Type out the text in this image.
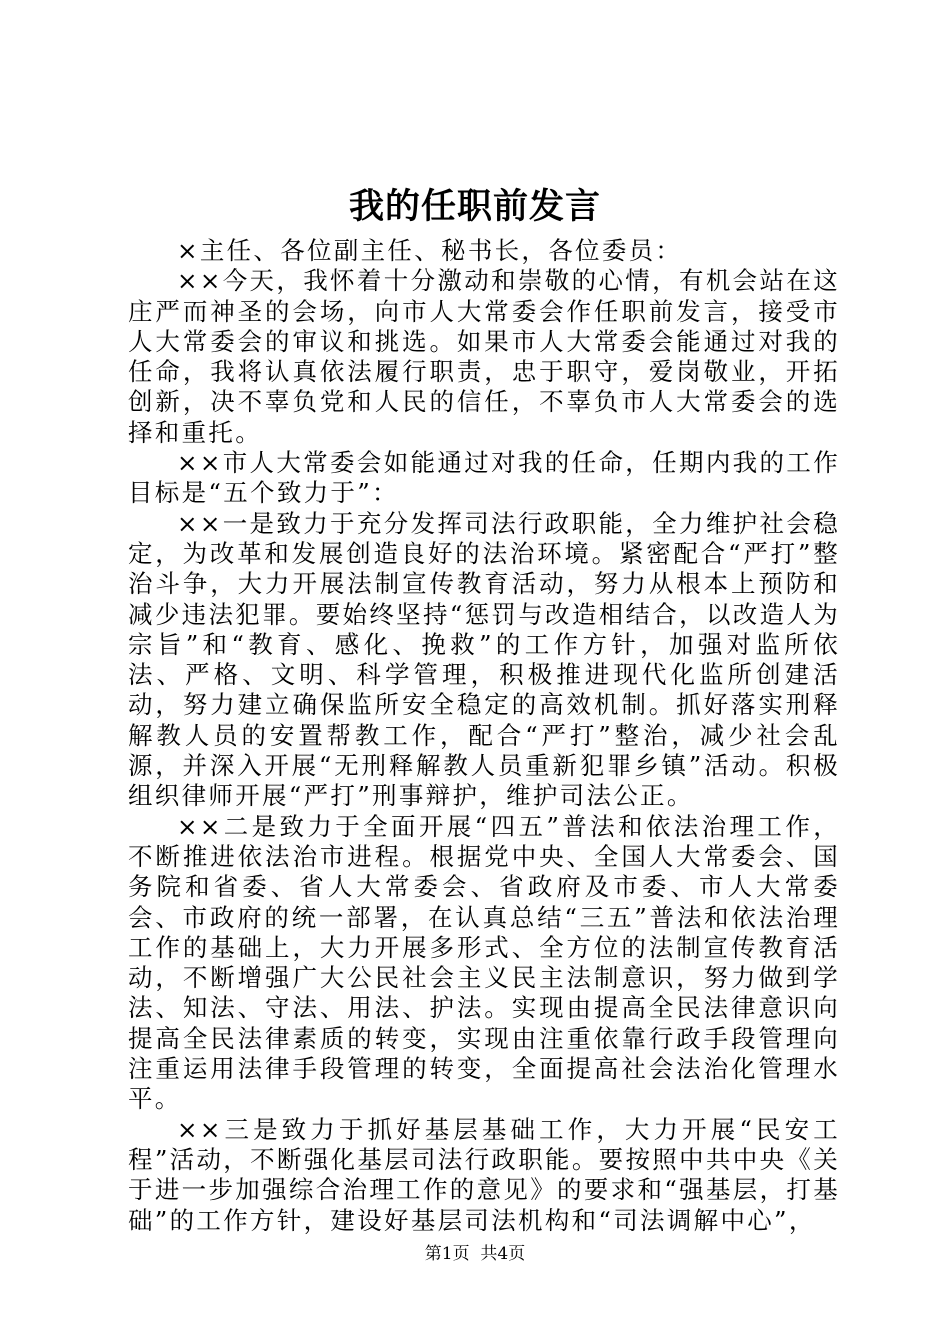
我的任职前发言

×主任、各位副主任、秘书长，各位委员：

××今天，我怀着十分激动和崇敬的心情，有机会站在这庄严而神圣的会场，向市人大常委会作任职前发言，接受市人大常委会的审议和挑选。如果市人大常委会能通过对我的任命，我将认真依法履行职责，忠于职守，爱岗敬业，开拓创新，决不辜负党和人民的信任，不辜负市人大常委会的选择和重托。

××市人大常委会如能通过对我的任命，任期内我的工作目标是“五个致力于”：

××一是致力于充分发挥司法行政职能，全力维护社会稳定，为改革和发展创造良好的法治环境。紧密配合“严打”整治斗争，大力开展法制宣传教育活动，努力从根本上预防和减少违法犯罪。要始终坚持“惩罚与改造相结合，以改造人为宗旨”和“教育、感化、挽救”的工作方针，加强对监所依法、严格、文明、科学管理，积极推进现代化监所创建活动，努力建立确保监所安全稳定的高效机制。抓好落实刑释解教人员的安置帮教工作，配合“严打”整治，减少社会乱源，并深入开展“无刑释解教人员重新犯罪乡镇”活动。积极组织律师开展“严打”刑事辩护，维护司法公正。

××二是致力于全面开展“四五”普法和依法治理工作，不断推进依法治市进程。根据党中央、全国人大常委会、国务院和省委、省人大常委会、省政府及市委、市人大常委会、市政府的统一部署，在认真总结“三五”普法和依法治理工作的基础上，大力开展多形式、全方位的法制宣传教育活动，不断增强广大公民社会主义民主法制意识，努力做到学法、知法、守法、用法、护法。实现由提高全民法律意识向提高全民法律素质的转变，实现由注重依靠行政手段管理向注重运用法律手段管理的转变，全面提高社会法治化管理水平。

××三是致力于抓好基层基础工作，大力开展“民安工程”活动，不断强化基层司法行政职能。要按照中共中央《关于进一步加强综合治理工作的意见》的要求和“强基层，打基础”的工作方针，建设好基层司法机构和“司法调解中心”，

第1页 共4页
